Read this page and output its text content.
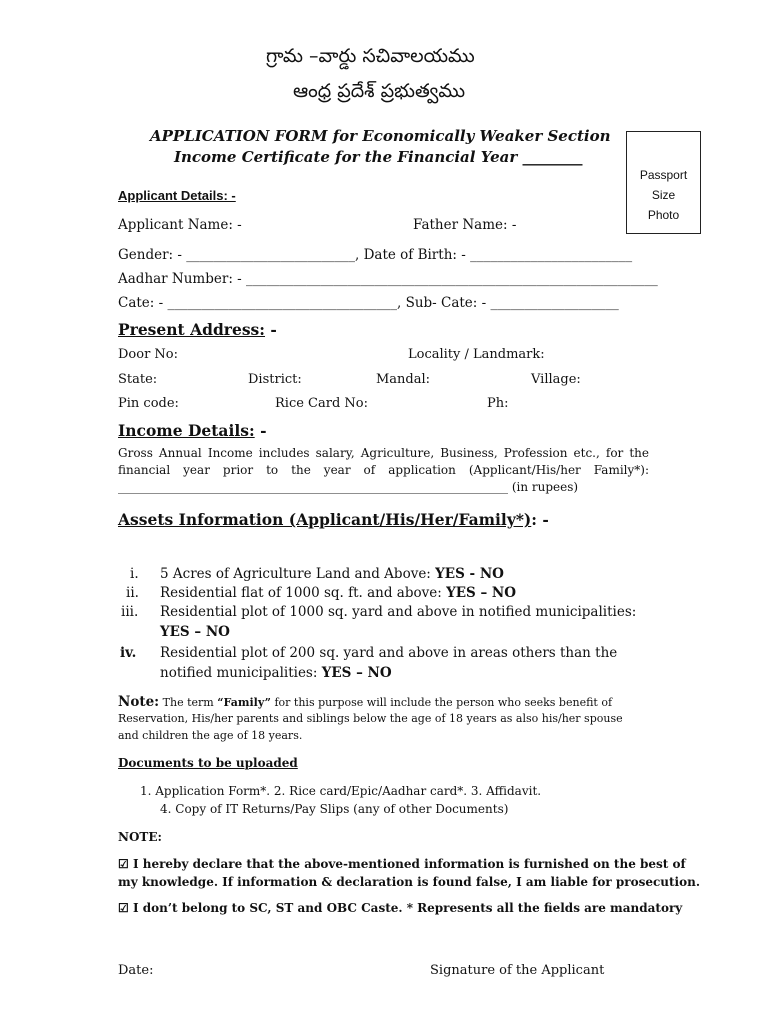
గ్రామ –వార్డు సచివాలయము
ఆంధ్ర ప్రదేశ్ ప్రభుత్వము
APPLICATION FORM for Economically Weaker Section
Income Certificate for the Financial Year ________
Passport
Size
Photo
Applicant Details: -
Applicant Name: -	Father Name: -
Gender: - _________________________, Date of Birth: - ________________________
Aadhar Number: - _____________________________________________________________
Cate: - __________________________________, Sub- Cate: - ___________________
Present Address: -
Door No:	Locality / Landmark:
State:	District:	Mandal:	Village:
Pin code:	Rice Card No:	Ph:
Income Details: -
Gross Annual Income includes salary, Agriculture, Business, Profession etc., for the
financial year prior to the year of application (Applicant/His/her Family*):
_________________________________________________________________ (in rupees)
Assets Information (Applicant/His/Her/Family*): -
i. 5 Acres of Agriculture Land and Above: YES - NO
ii. Residential flat of 1000 sq. ft. and above: YES – NO
iii. Residential plot of 1000 sq. yard and above in notified municipalities:
YES – NO
iv. Residential plot of 200 sq. yard and above in areas others than the
notified municipalities: YES – NO
Note: The term “Family” for this purpose will include the person who seeks benefit of
Reservation, His/her parents and siblings below the age of 18 years as also his/her spouse
and children the age of 18 years.
Documents to be uploaded
1. Application Form*. 2. Rice card/Epic/Aadhar card*. 3. Affidavit.
4. Copy of IT Returns/Pay Slips (any of other Documents)
NOTE:
☑ I hereby declare that the above-mentioned information is furnished on the best of
my knowledge. If information & declaration is found false, I am liable for prosecution.
☑ I don’t belong to SC, ST and OBC Caste. * Represents all the fields are mandatory
Date:	Signature of the Applicant
